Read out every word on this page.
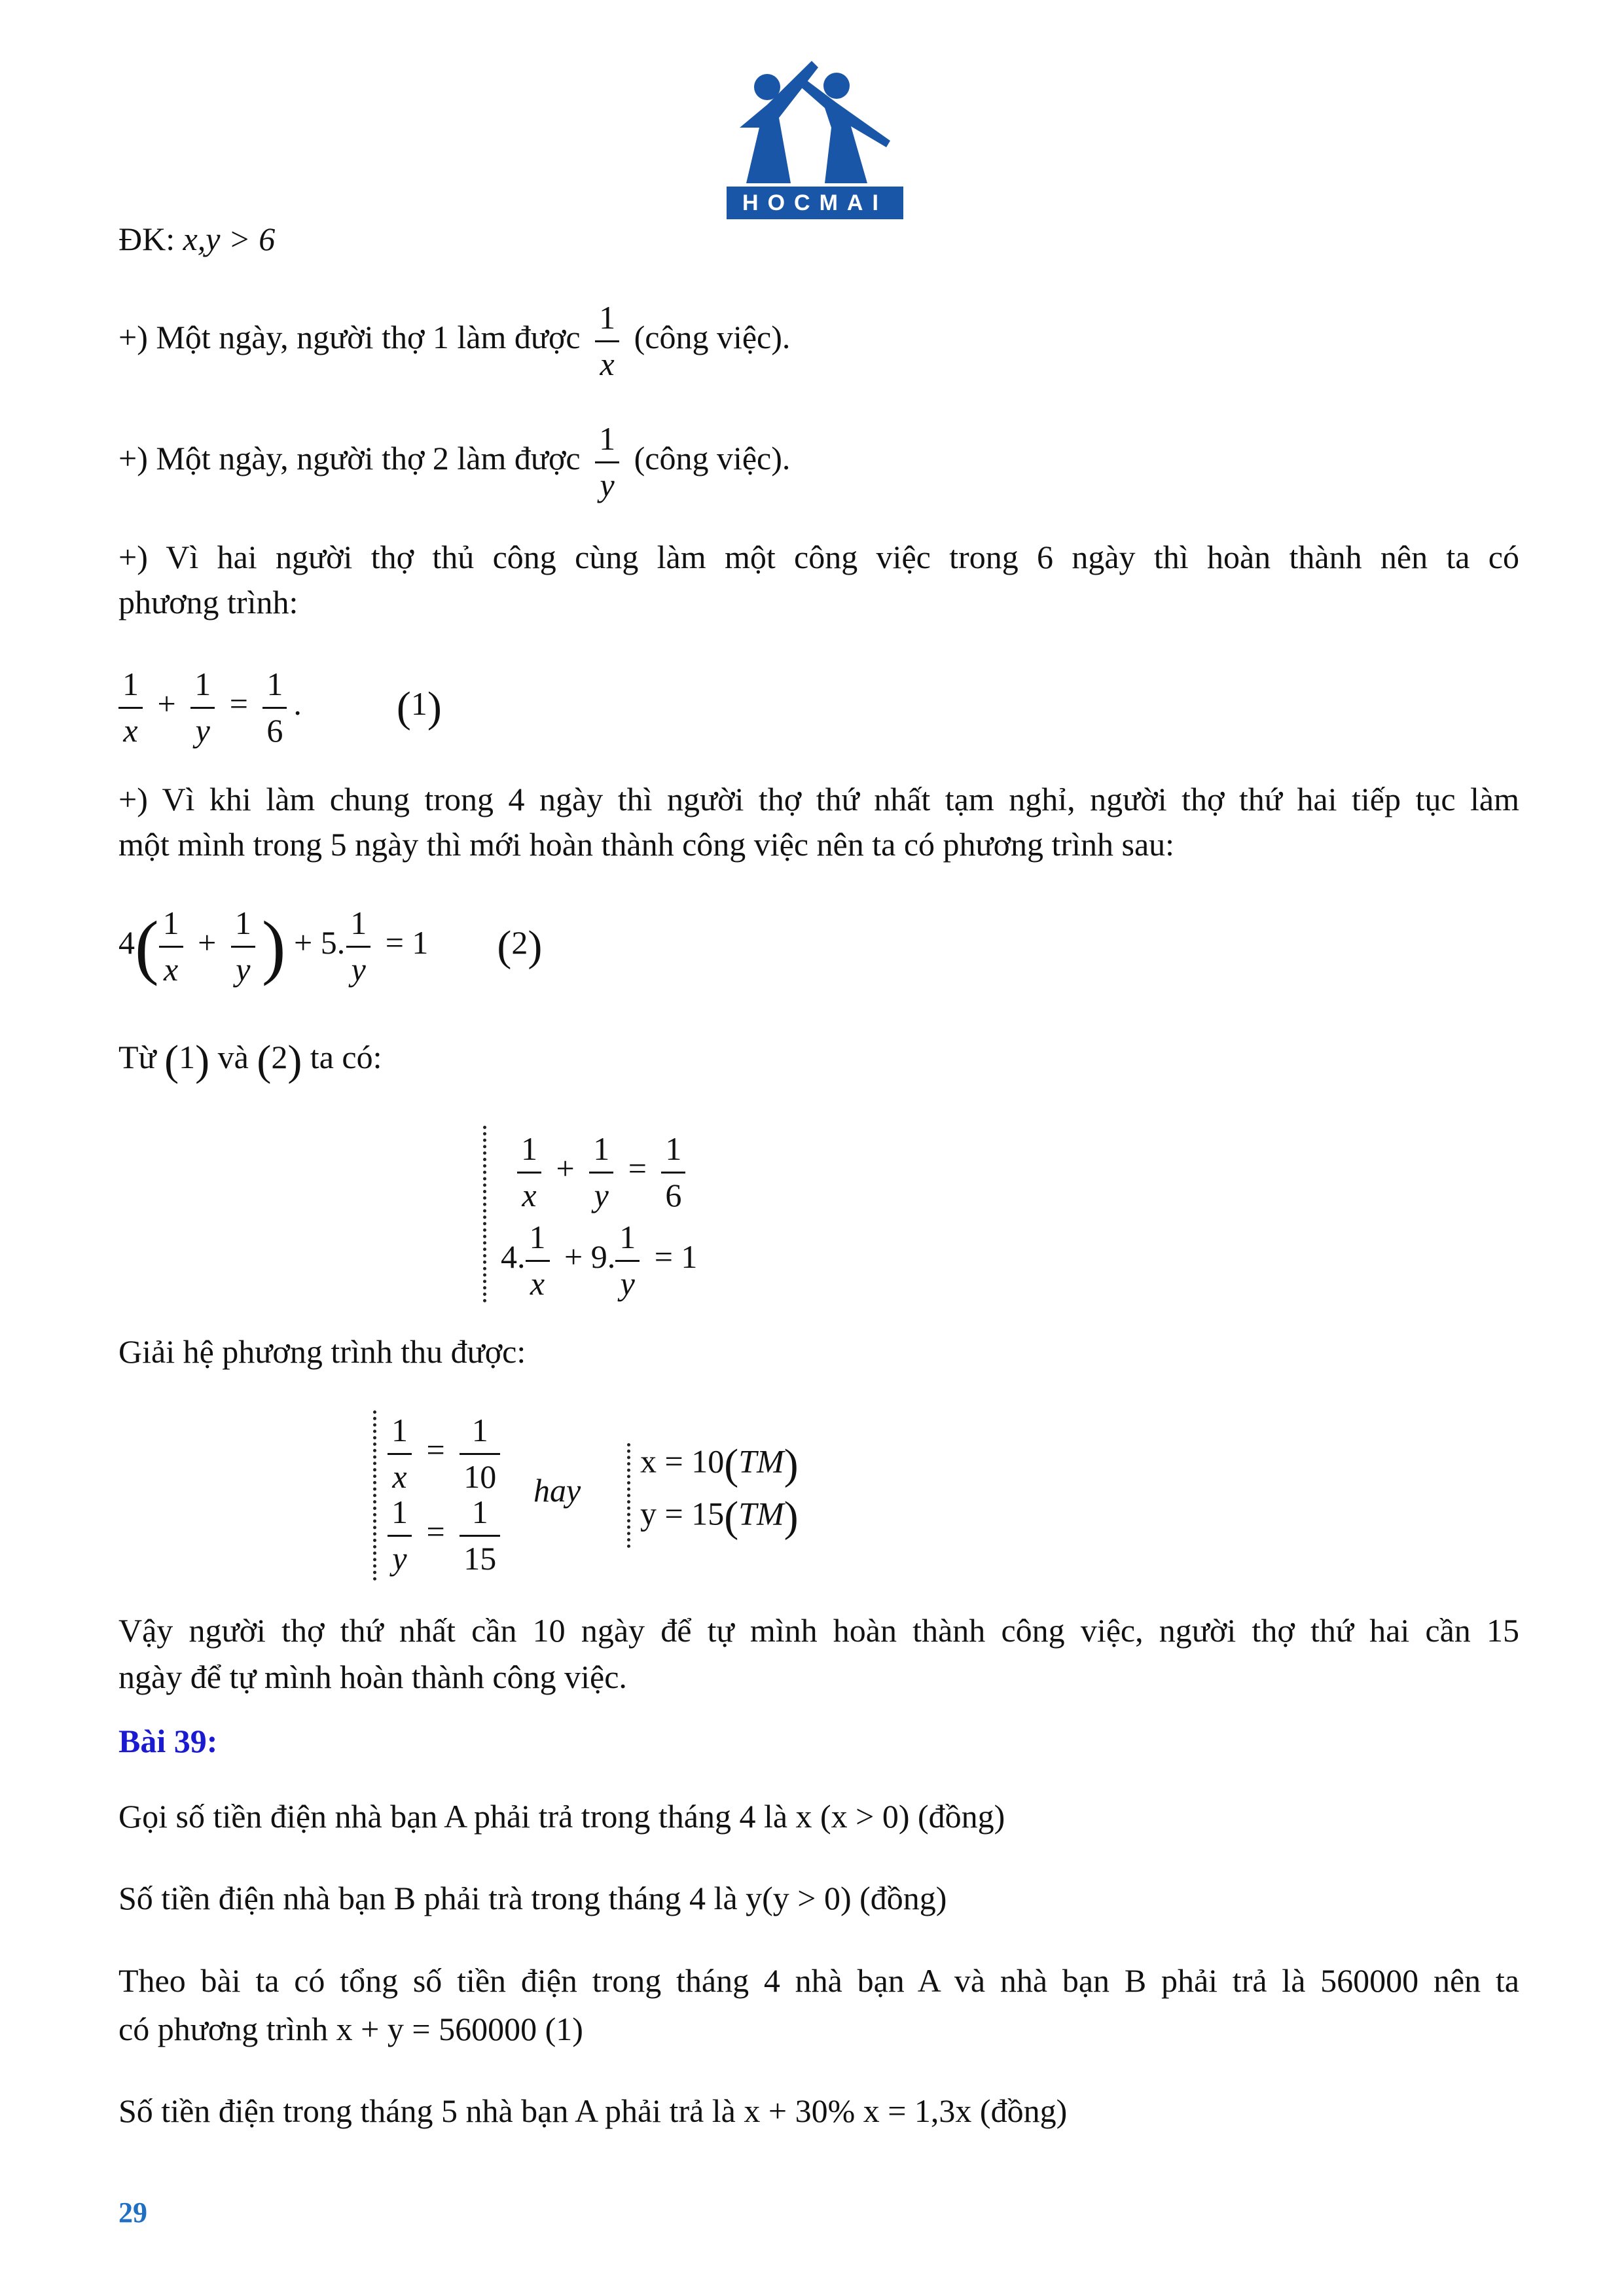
HOCMAI
ĐK: x,y > 6
+) Một ngày, người thợ 1 làm được $\frac{1}{x}$ (công việc).
+) Một ngày, người thợ 2 làm được $\frac{1}{y}$ (công việc).
+) Vì hai người thợ thủ công cùng làm một công việc trong 6 ngày thì hoàn thành nên ta có
phương trình:
$\frac{1}{x} + \frac{1}{y} = \frac{1}{6}$ . (1)
+) Vì khi làm chung trong 4 ngày thì người thợ thứ nhất tạm nghỉ, người thợ thứ hai tiếp tục làm
một mình trong 5 ngày thì mới hoàn thành công việc nên ta có phương trình sau:
$4( \frac{1}{x} + \frac{1}{y}$ ) + 5. $\frac{1}{y} = 1$ (2)
Từ (1) và (2) ta có:
$\frac{1}{x} + \frac{1}{y} = \frac{1}{6}$
4. $\frac{1}{x} + 9$. $\frac{1}{y} = 1$
Giải hệ phương trình thu được:
$\frac{1}{x} = \frac{1}{10}$
$\frac{1}{y} = \frac{1}{15}$
hay
x = 10(TM)
y = 15(TM)
Vậy người thợ thứ nhất cần 10 ngày để tự mình hoàn thành công việc, người thợ thứ hai cần 15
ngày để tự mình hoàn thành công việc.
Bài 39:
Gọi số tiền điện nhà bạn A phải trả trong tháng 4 là x (x > 0) (đồng)
Số tiền điện nhà bạn B phải trà trong tháng 4 là y(y > 0) (đồng)
Theo bài ta có tổng số tiền điện trong tháng 4 nhà bạn A và nhà bạn B phải trả là 560000 nên ta
có phương trình x + y = 560000 (1)
Số tiền điện trong tháng 5 nhà bạn A phải trả là x + 30% x = 1,3x (đồng)
29
